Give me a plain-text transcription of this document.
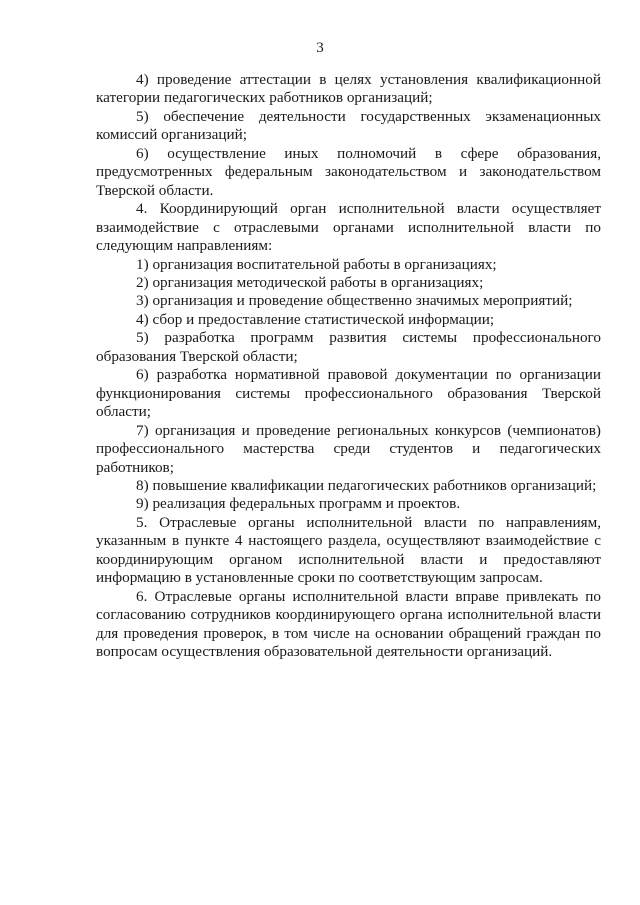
3

4) проведение аттестации в целях установления квалификационной категории педагогических работников организаций;

5) обеспечение деятельности государственных экзаменационных комиссий организаций;

6) осуществление иных полномочий в сфере образования, предусмотренных федеральным законодательством и законодательством Тверской области.

4. Координирующий орган исполнительной власти осуществляет взаимодействие с отраслевыми органами исполнительной власти по следующим направлениям:

1) организация воспитательной работы в организациях;

2) организация методической работы в организациях;

3) организация и проведение общественно значимых мероприятий;

4) сбор и предоставление статистической информации;

5) разработка программ развития системы профессионального образования Тверской области;

6) разработка нормативной правовой документации по организации функционирования системы профессионального образования Тверской области;

7) организация и проведение региональных конкурсов (чемпионатов) профессионального мастерства среди студентов и педагогических работников;

8) повышение квалификации педагогических работников организаций;

9) реализация федеральных программ и проектов.

5. Отраслевые органы исполнительной власти по направлениям, указанным в пункте 4 настоящего раздела, осуществляют взаимодействие с координирующим органом исполнительной власти и предоставляют информацию в установленные сроки по соответствующим запросам.

6. Отраслевые органы исполнительной власти вправе привлекать по согласованию сотрудников координирующего органа исполнительной власти для проведения проверок, в том числе на основании обращений граждан по вопросам осуществления образовательной деятельности организаций.
